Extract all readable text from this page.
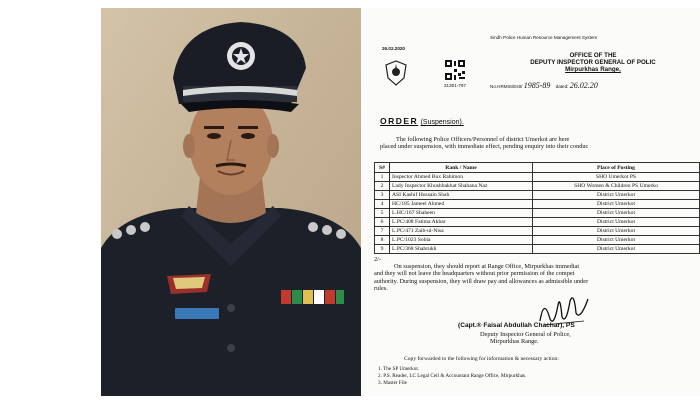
Sindh Police Human Resource Management System
26.02.2020
31301-797
OFFICE OF THE
DEPUTY INSPECTOR GENERAL OF POLIC
Mirpurkhas Range,
No.HRMIS/Estt/ 1985-89 dated: 26.02.20
ORDER (Suspension).
The following Police Officers/Personnel of district Umerkot are here
placed under suspension, with immediate effect, pending enquiry into their conduc
S#	Rank / Name	Place of Posting
1	Inspector Ahmed Bux Rahimon	SHO Umerkot PS
2	Lady Inspector Khushbakhat Shahana Naz	SHO Women & Children PS Umerko
3	ASI Kashif Hussain Shah	District Umerkot
4	HC/185 Jameel Ahmed	District Umerkot
5	L.HC/167 Shaheen	District Umerkot
6	L.PC/408 Fatima Akbar	District Umerkot
7	L.PC/471 Zaib-ul-Nisa	District Umerkot
8	L.PC/1023 Sobia	District Umerkot
9	L.PC/368 Shahrukh	District Umerkot
2/-
On suspension, they should report at Range Office, Mirpurkhas immediat
and they will not leave the headquarters without prior permission of the compet
authority. During suspension, they will draw pay and allowances as admissible under
rules.
(Capt.® Faisal Abdullah Chachar), PS
Deputy Inspector General of Police,
Mirpurkhas Range.
Copy forwarded to the following for information & necessary action:
1. The SP Umerkot.
2. P.S. Reader, LC Legal Cell & Accountant Range Office, Mirpurkhas.
3. Master File
